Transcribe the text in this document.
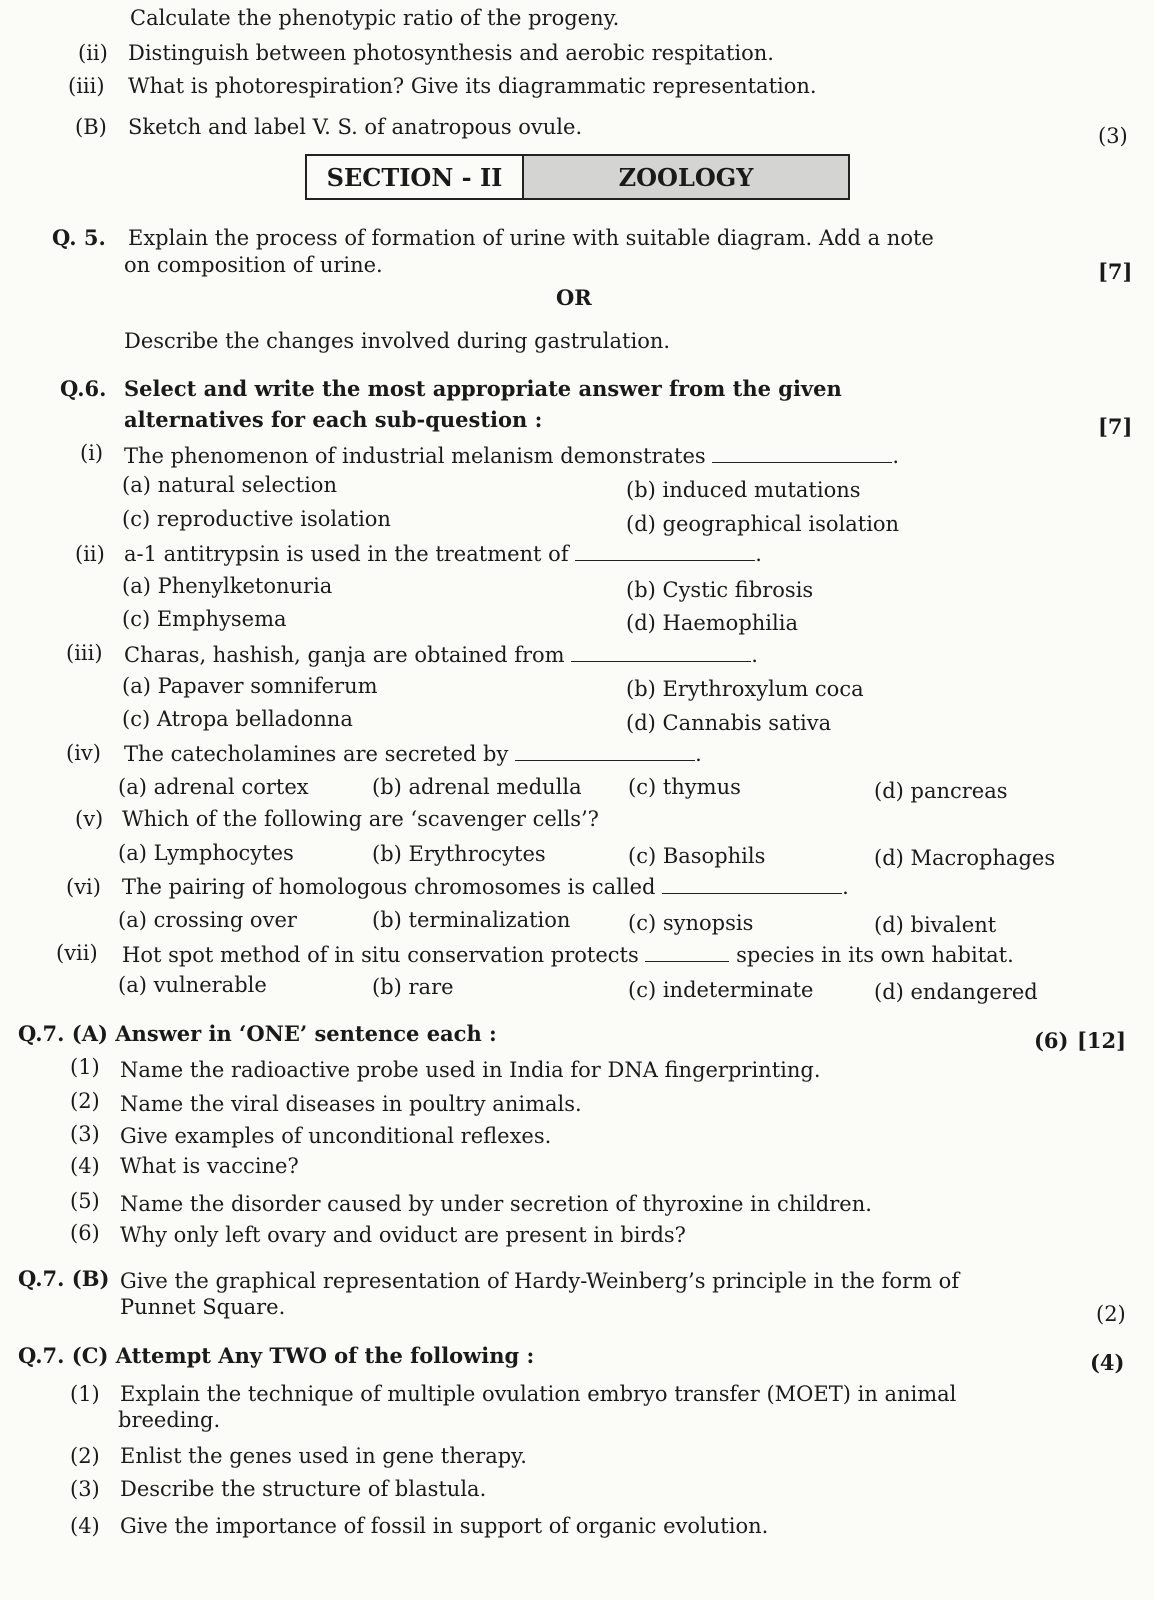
Calculate the phenotypic ratio of the progeny.
(ii) Distinguish between photosynthesis and aerobic respitation.
(iii) What is photorespiration? Give its diagrammatic representation.
(B) Sketch and label V. S. of anatropous ovule.	(3)
SECTION - II	ZOOLOGY
Q. 5. Explain the process of formation of urine with suitable diagram. Add a note
on composition of urine.	[7]
OR
Describe the changes involved during gastrulation.
Q.6. Select and write the most appropriate answer from the given
alternatives for each sub-question :	[7]
(i) The phenomenon of industrial melanism demonstrates	.
(a) natural selection	(b) induced mutations
(c) reproductive isolation	(d) geographical isolation
(ii) a-1 antitrypsin is used in the treatment of	.
(a) Phenylketonuria	(b) Cystic fibrosis
(c) Emphysema	(d) Haemophilia
(iii) Charas, hashish, ganja are obtained from	.
(a) Papaver somniferum	(b) Erythroxylum coca
(c) Atropa belladonna	(d) Cannabis sativa
(iv) The catecholamines are secreted by	.
(a) adrenal cortex	(b) adrenal medulla (c) thymus	(d) pancreas
(v) Which of the following are ‘scavenger cells’?
(a) Lymphocytes	(b) Erythrocytes	(c) Basophils	(d) Macrophages
(vi) The pairing of homologous chromosomes is called	.
(a) crossing over	(b) terminalization	(c) synopsis	(d) bivalent
(vii) Hot spot method of in situ conservation protects	species in its own habitat.
(a) vulnerable	(b) rare	(c) indeterminate	(d) endangered
Q.7. (A) Answer in ‘ONE’ sentence each :	(6) [12]
(1) Name the radioactive probe used in India for DNA fingerprinting.
(2) Name the viral diseases in poultry animals.
(3) Give examples of unconditional reflexes.
(4) What is vaccine?
(5) Name the disorder caused by under secretion of thyroxine in children.
(6) Why only left ovary and oviduct are present in birds?
Q.7. (B) Give the graphical representation of Hardy-Weinberg’s principle in the form of
Punnet Square.	(2)
Q.7. (C) Attempt Any TWO of the following :	(4)
(1) Explain the technique of multiple ovulation embryo transfer (MOET) in animal
breeding.
(2) Enlist the genes used in gene therapy.
(3) Describe the structure of blastula.
(4) Give the importance of fossil in support of organic evolution.
